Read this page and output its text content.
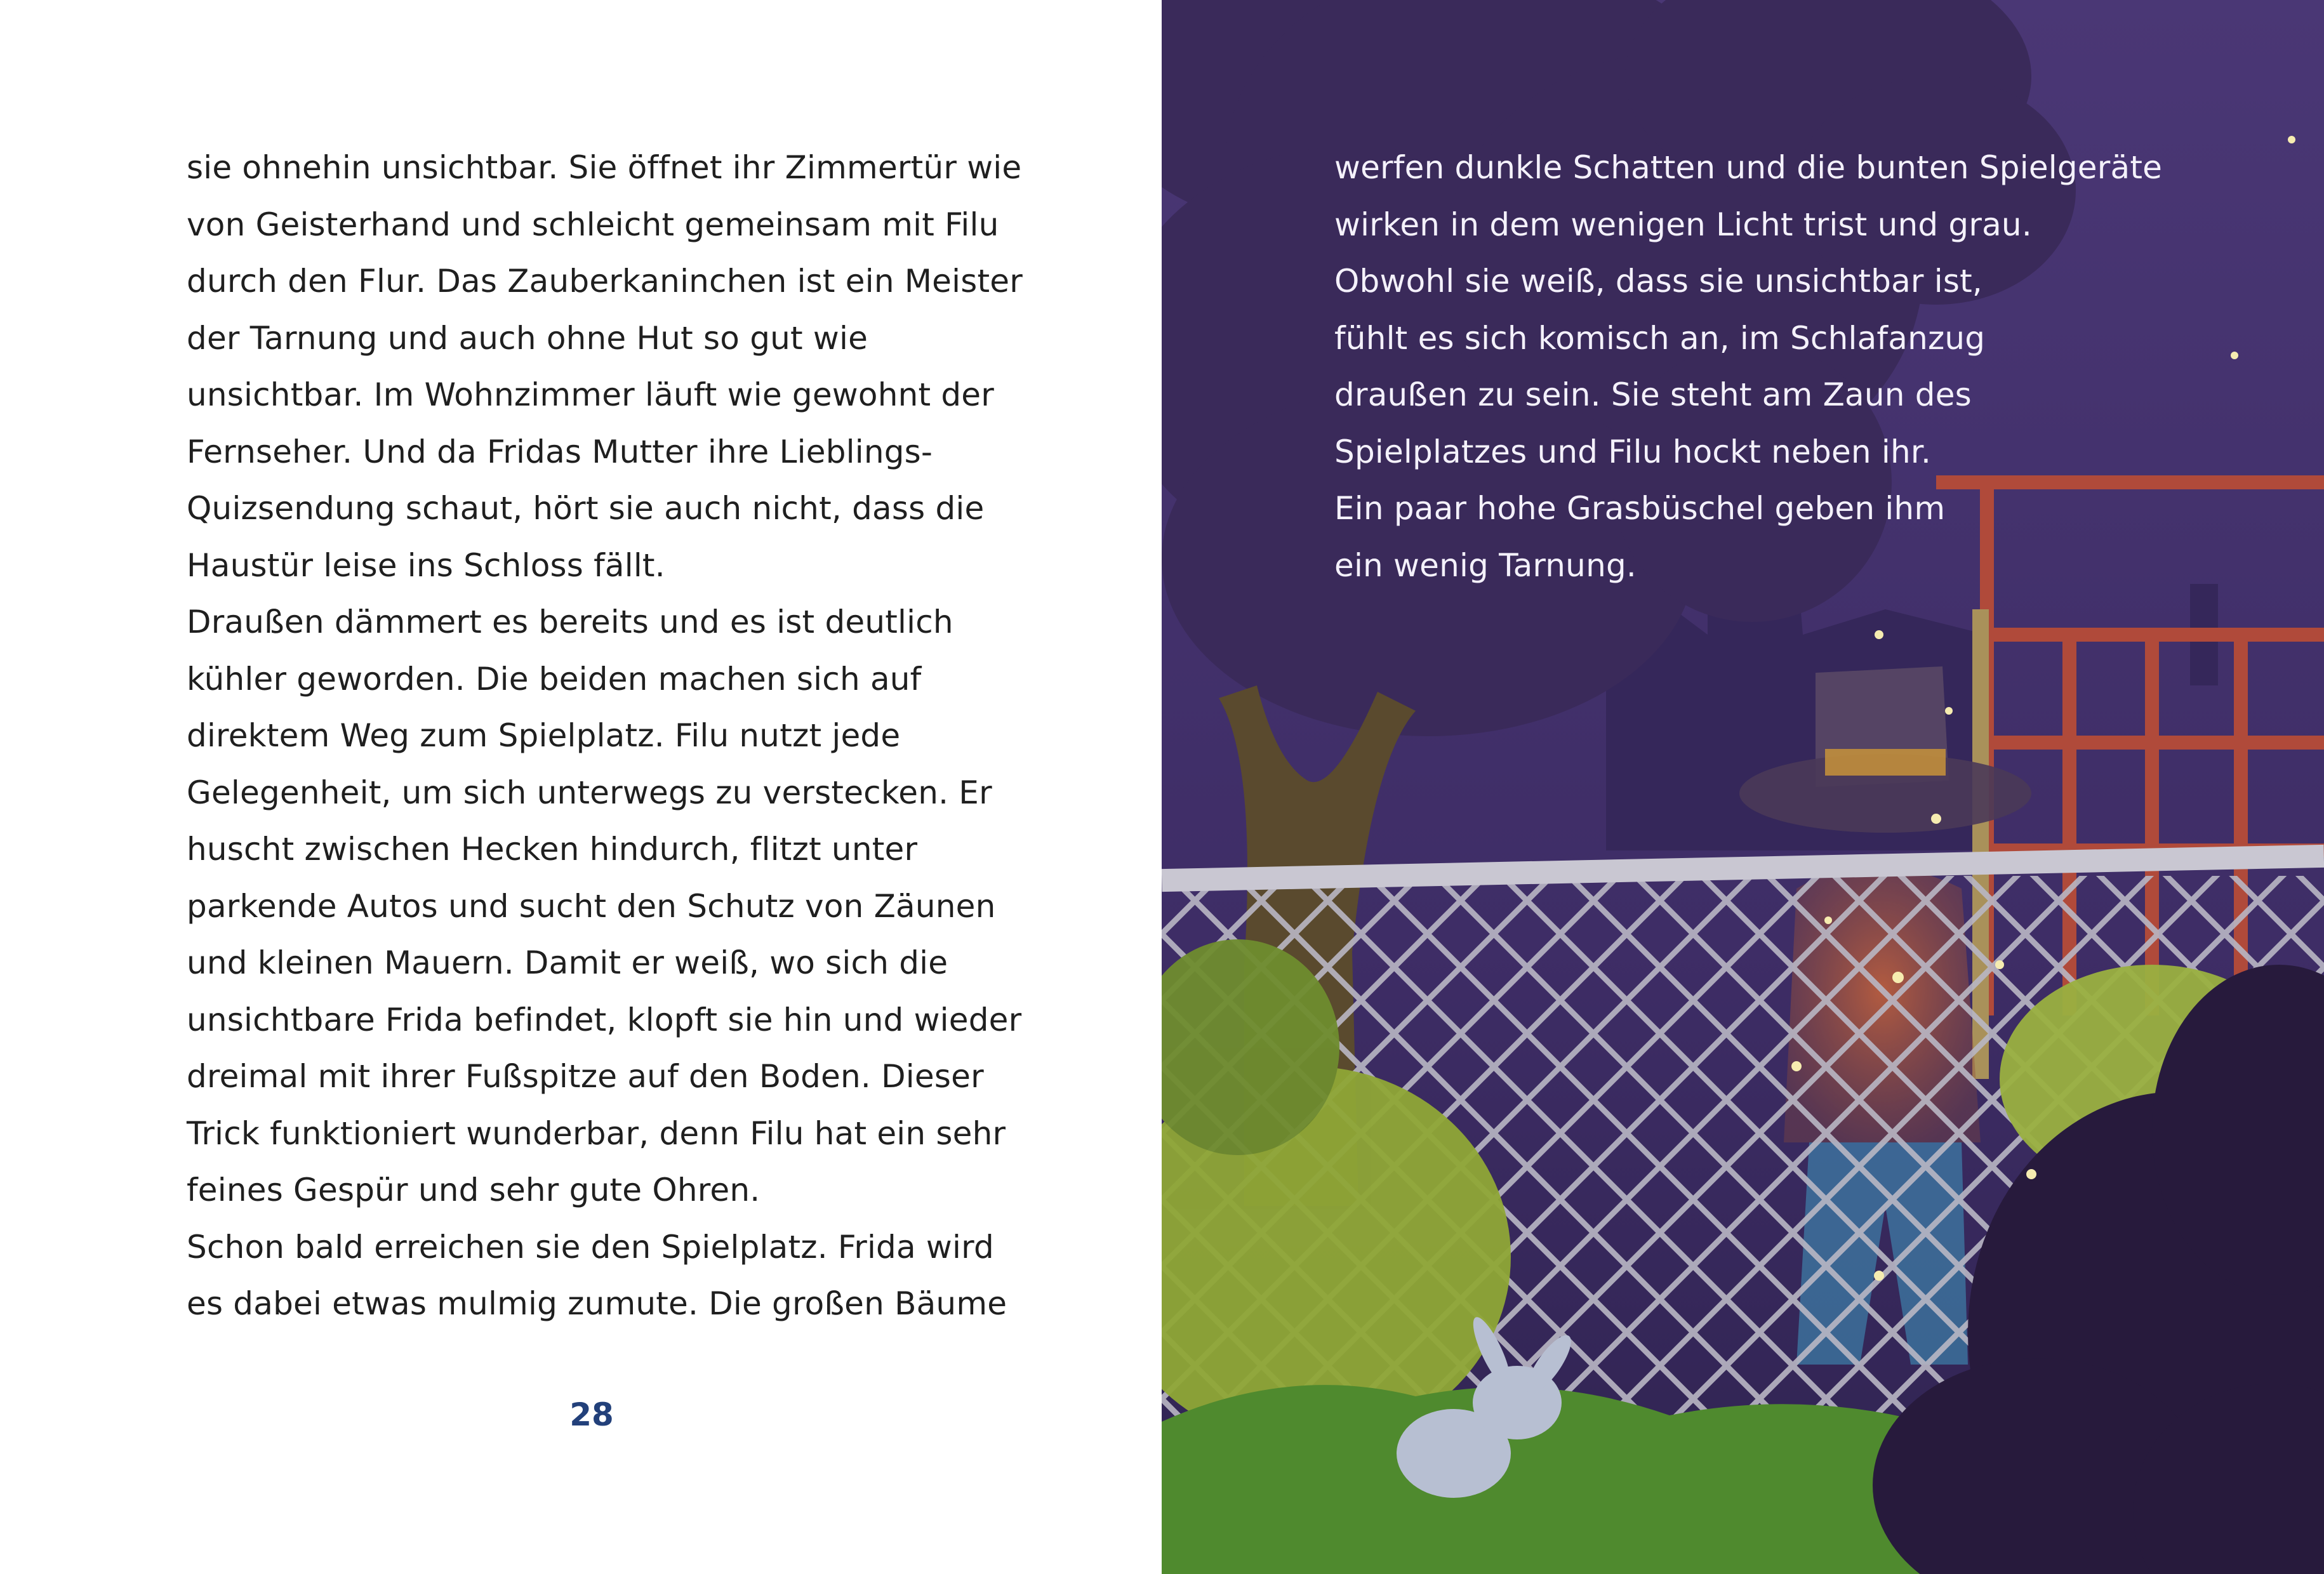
sie ohnehin unsichtbar. Sie öffnet ihr Zimmertür wie
von Geisterhand und schleicht gemeinsam mit Filu
durch den Flur. Das Zauberkaninchen ist ein Meister
der Tarnung und auch ohne Hut so gut wie
unsichtbar. Im Wohnzimmer läuft wie gewohnt der
Fernseher. Und da Fridas Mutter ihre Lieblings-
Quizsendung schaut, hört sie auch nicht, dass die
Haustür leise ins Schloss fällt.
Draußen dämmert es bereits und es ist deutlich
kühler geworden. Die beiden machen sich auf
direktem Weg zum Spielplatz. Filu nutzt jede
Gelegenheit, um sich unterwegs zu verstecken. Er
huscht zwischen Hecken hindurch, flitzt unter
parkende Autos und sucht den Schutz von Zäunen
und kleinen Mauern. Damit er weiß, wo sich die
unsichtbare Frida befindet, klopft sie hin und wieder
dreimal mit ihrer Fußspitze auf den Boden. Dieser
Trick funktioniert wunderbar, denn Filu hat ein sehr
feines Gespür und sehr gute Ohren.
Schon bald erreichen sie den Spielplatz. Frida wird
es dabei etwas mulmig zumute. Die großen Bäume
28
werfen dunkle Schatten und die bunten Spielgeräte
wirken in dem wenigen Licht trist und grau.
Obwohl sie weiß, dass sie unsichtbar ist,
fühlt es sich komisch an, im Schlafanzug
draußen zu sein. Sie steht am Zaun des
Spielplatzes und Filu hockt neben ihr.
Ein paar hohe Grasbüschel geben ihm
ein wenig Tarnung.
